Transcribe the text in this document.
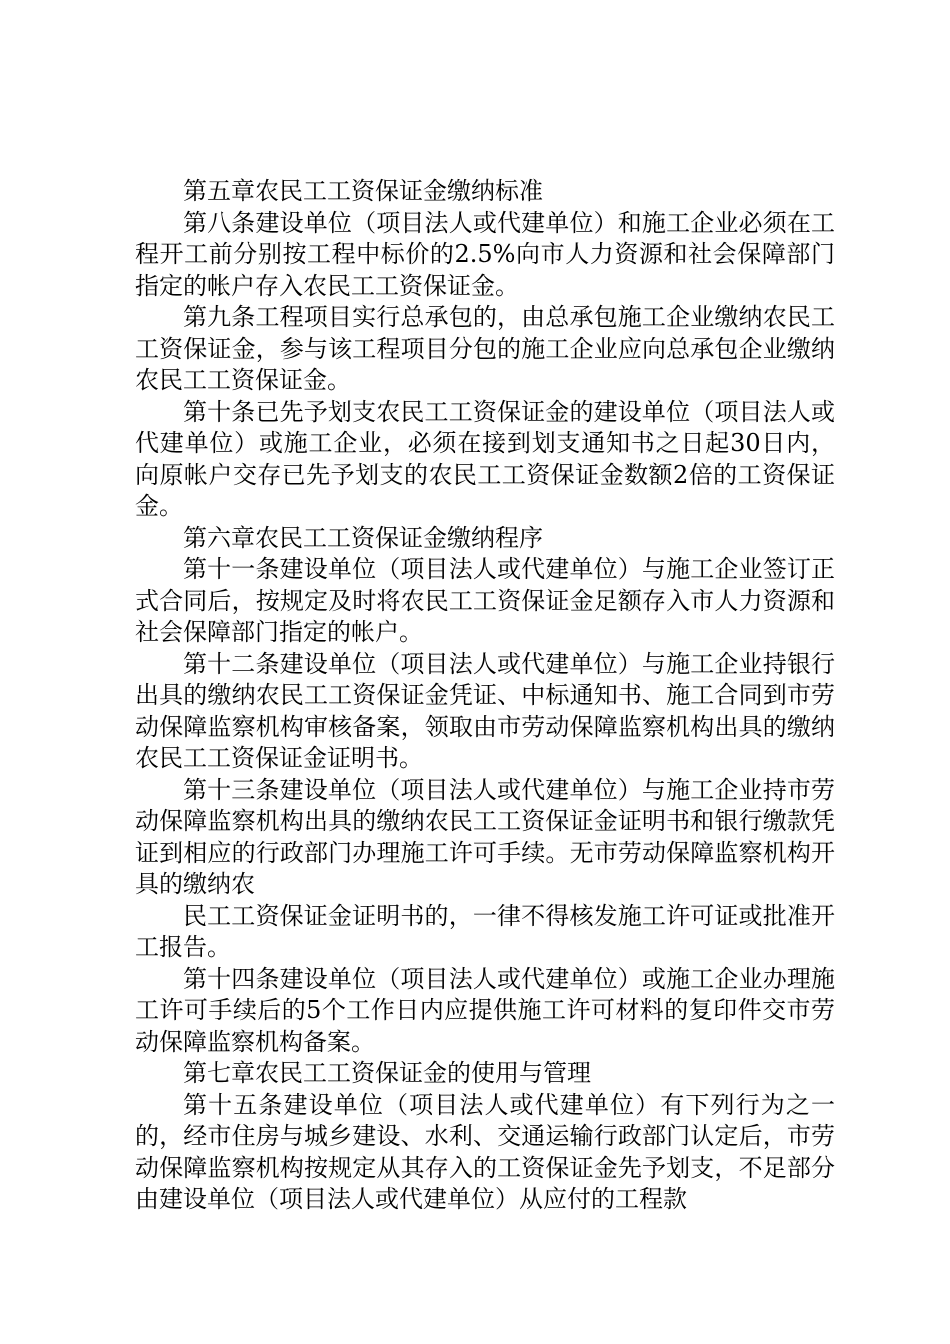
第五章农民工工资保证金缴纳标准

第八条建设单位（项目法人或代建单位）和施工企业必须在工程开工前分别按工程中标价的2.5%向市人力资源和社会保障部门指定的帐户存入农民工工资保证金。

第九条工程项目实行总承包的，由总承包施工企业缴纳农民工工资保证金，参与该工程项目分包的施工企业应向总承包企业缴纳农民工工资保证金。

第十条已先予划支农民工工资保证金的建设单位（项目法人或代建单位）或施工企业，必须在接到划支通知书之日起30日内，向原帐户交存已先予划支的农民工工资保证金数额2倍的工资保证金。

第六章农民工工资保证金缴纳程序

第十一条建设单位（项目法人或代建单位）与施工企业签订正式合同后，按规定及时将农民工工资保证金足额存入市人力资源和社会保障部门指定的帐户。

第十二条建设单位（项目法人或代建单位）与施工企业持银行出具的缴纳农民工工资保证金凭证、中标通知书、施工合同到市劳动保障监察机构审核备案，领取由市劳动保障监察机构出具的缴纳农民工工资保证金证明书。

第十三条建设单位（项目法人或代建单位）与施工企业持市劳动保障监察机构出具的缴纳农民工工资保证金证明书和银行缴款凭证到相应的行政部门办理施工许可手续。无市劳动保障监察机构开具的缴纳农

民工工资保证金证明书的，一律不得核发施工许可证或批准开工报告。

第十四条建设单位（项目法人或代建单位）或施工企业办理施工许可手续后的5个工作日内应提供施工许可材料的复印件交市劳动保障监察机构备案。

第七章农民工工资保证金的使用与管理

第十五条建设单位（项目法人或代建单位）有下列行为之一的，经市住房与城乡建设、水利、交通运输行政部门认定后，市劳动保障监察机构按规定从其存入的工资保证金先予划支，不足部分由建设单位（项目法人或代建单位）从应付的工程款
